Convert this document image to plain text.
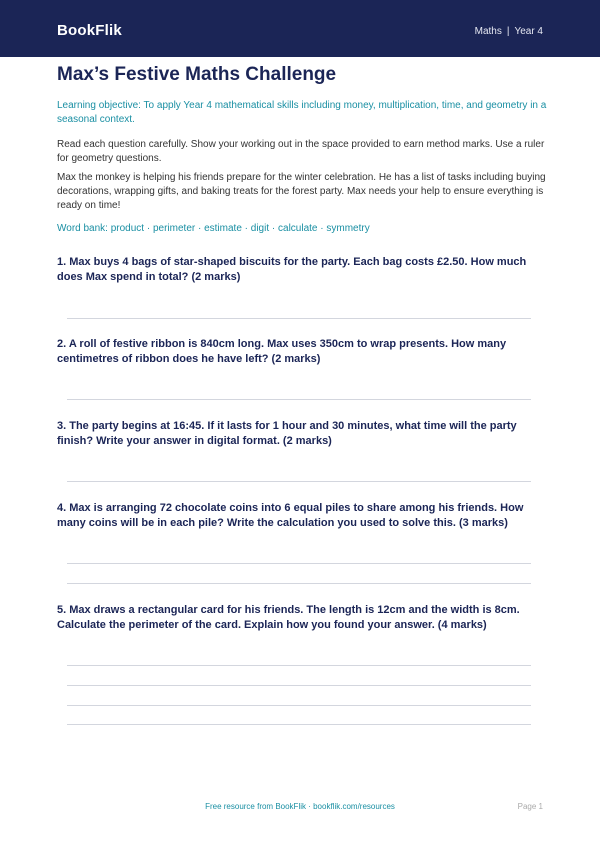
BookFlik	Maths | Year 4
Max’s Festive Maths Challenge
Learning objective: To apply Year 4 mathematical skills including money, multiplication, time, and geometry in a seasonal context.
Read each question carefully. Show your working out in the space provided to earn method marks. Use a ruler for geometry questions.
Max the monkey is helping his friends prepare for the winter celebration. He has a list of tasks including buying decorations, wrapping gifts, and baking treats for the forest party. Max needs your help to ensure everything is ready on time!
Word bank: product · perimeter · estimate · digit · calculate · symmetry
1. Max buys 4 bags of star-shaped biscuits for the party. Each bag costs £2.50. How much does Max spend in total? (2 marks)
2. A roll of festive ribbon is 840cm long. Max uses 350cm to wrap presents. How many centimetres of ribbon does he have left? (2 marks)
3. The party begins at 16:45. If it lasts for 1 hour and 30 minutes, what time will the party finish? Write your answer in digital format. (2 marks)
4. Max is arranging 72 chocolate coins into 6 equal piles to share among his friends. How many coins will be in each pile? Write the calculation you used to solve this. (3 marks)
5. Max draws a rectangular card for his friends. The length is 12cm and the width is 8cm. Calculate the perimeter of the card. Explain how you found your answer. (4 marks)
Free resource from BookFlik · bookflik.com/resources	Page 1
